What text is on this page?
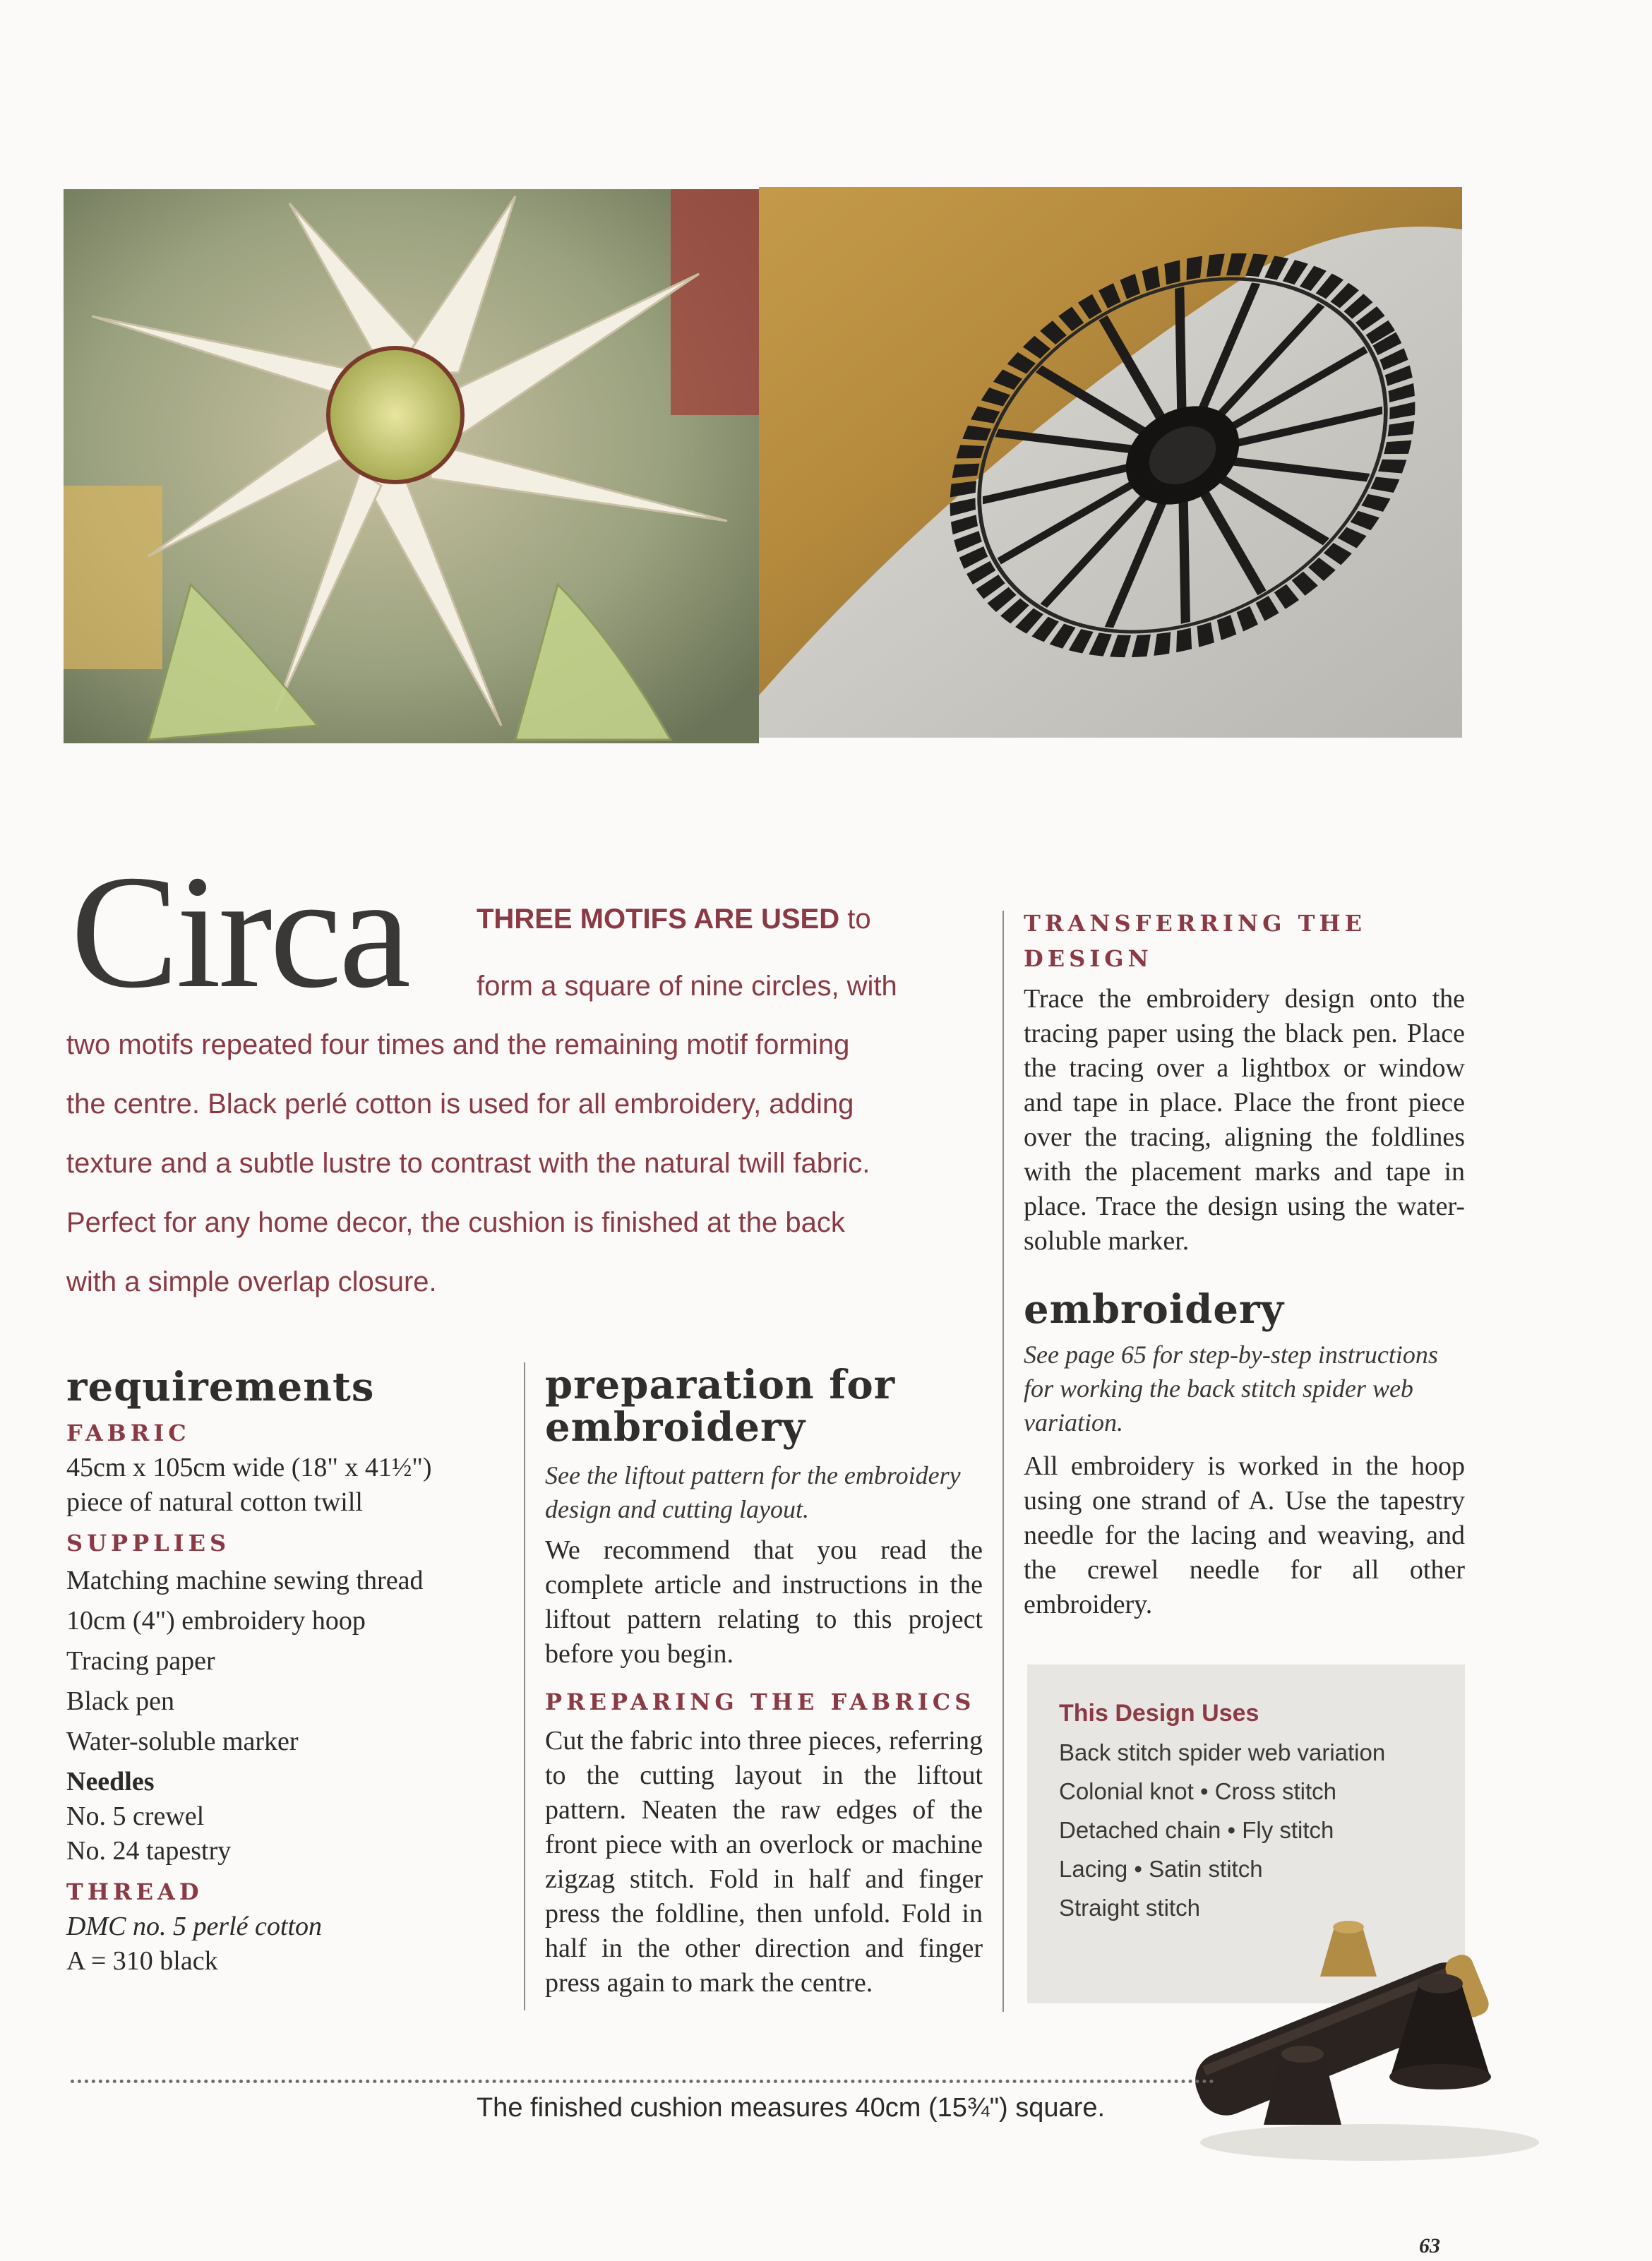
Circa THREE MOTIFS ARE USED to
form a square of nine circles, with
two motifs repeated four times and the remaining motif forming
the centre. Black perlé cotton is used for all embroidery, adding
texture and a subtle lustre to contrast with the natural twill fabric.
Perfect for any home decor, the cushion is finished at the back
with a simple overlap closure.
requirements
FABRIC
45cm x 105cm wide (18" x 41½")
piece of natural cotton twill
SUPPLIES
Matching machine sewing thread
10cm (4") embroidery hoop
Tracing paper
Black pen
Water-soluble marker
Needles
No. 5 crewel
No. 24 tapestry
THREAD
DMC no. 5 perlé cotton
A = 310 black
preparation for
embroidery
See the liftout pattern for the embroidery design and cutting layout.
We recommend that you read the complete article and instructions in the liftout pattern relating to this project before you begin.
PREPARING THE FABRICS
Cut the fabric into three pieces, referring to the cutting layout in the liftout pattern. Neaten the raw edges of the front piece with an overlock or machine zigzag stitch. Fold in half and finger press the foldline, then unfold. Fold in half in the other direction and finger press again to mark the centre.
TRANSFERRING THE
DESIGN
Trace the embroidery design onto the tracing paper using the black pen. Place the tracing over a lightbox or window and tape in place. Place the front piece over the tracing, aligning the foldlines with the placement marks and tape in place. Trace the design using the water-soluble marker.
embroidery
See page 65 for step-by-step instructions for working the back stitch spider web variation.
All embroidery is worked in the hoop using one strand of A. Use the tapestry needle for the lacing and weaving, and the crewel needle for all other embroidery.
This Design Uses
Back stitch spider web variation
Colonial knot • Cross stitch
Detached chain • Fly stitch
Lacing • Satin stitch
Straight stitch
The finished cushion measures 40cm (15¾") square.
63
